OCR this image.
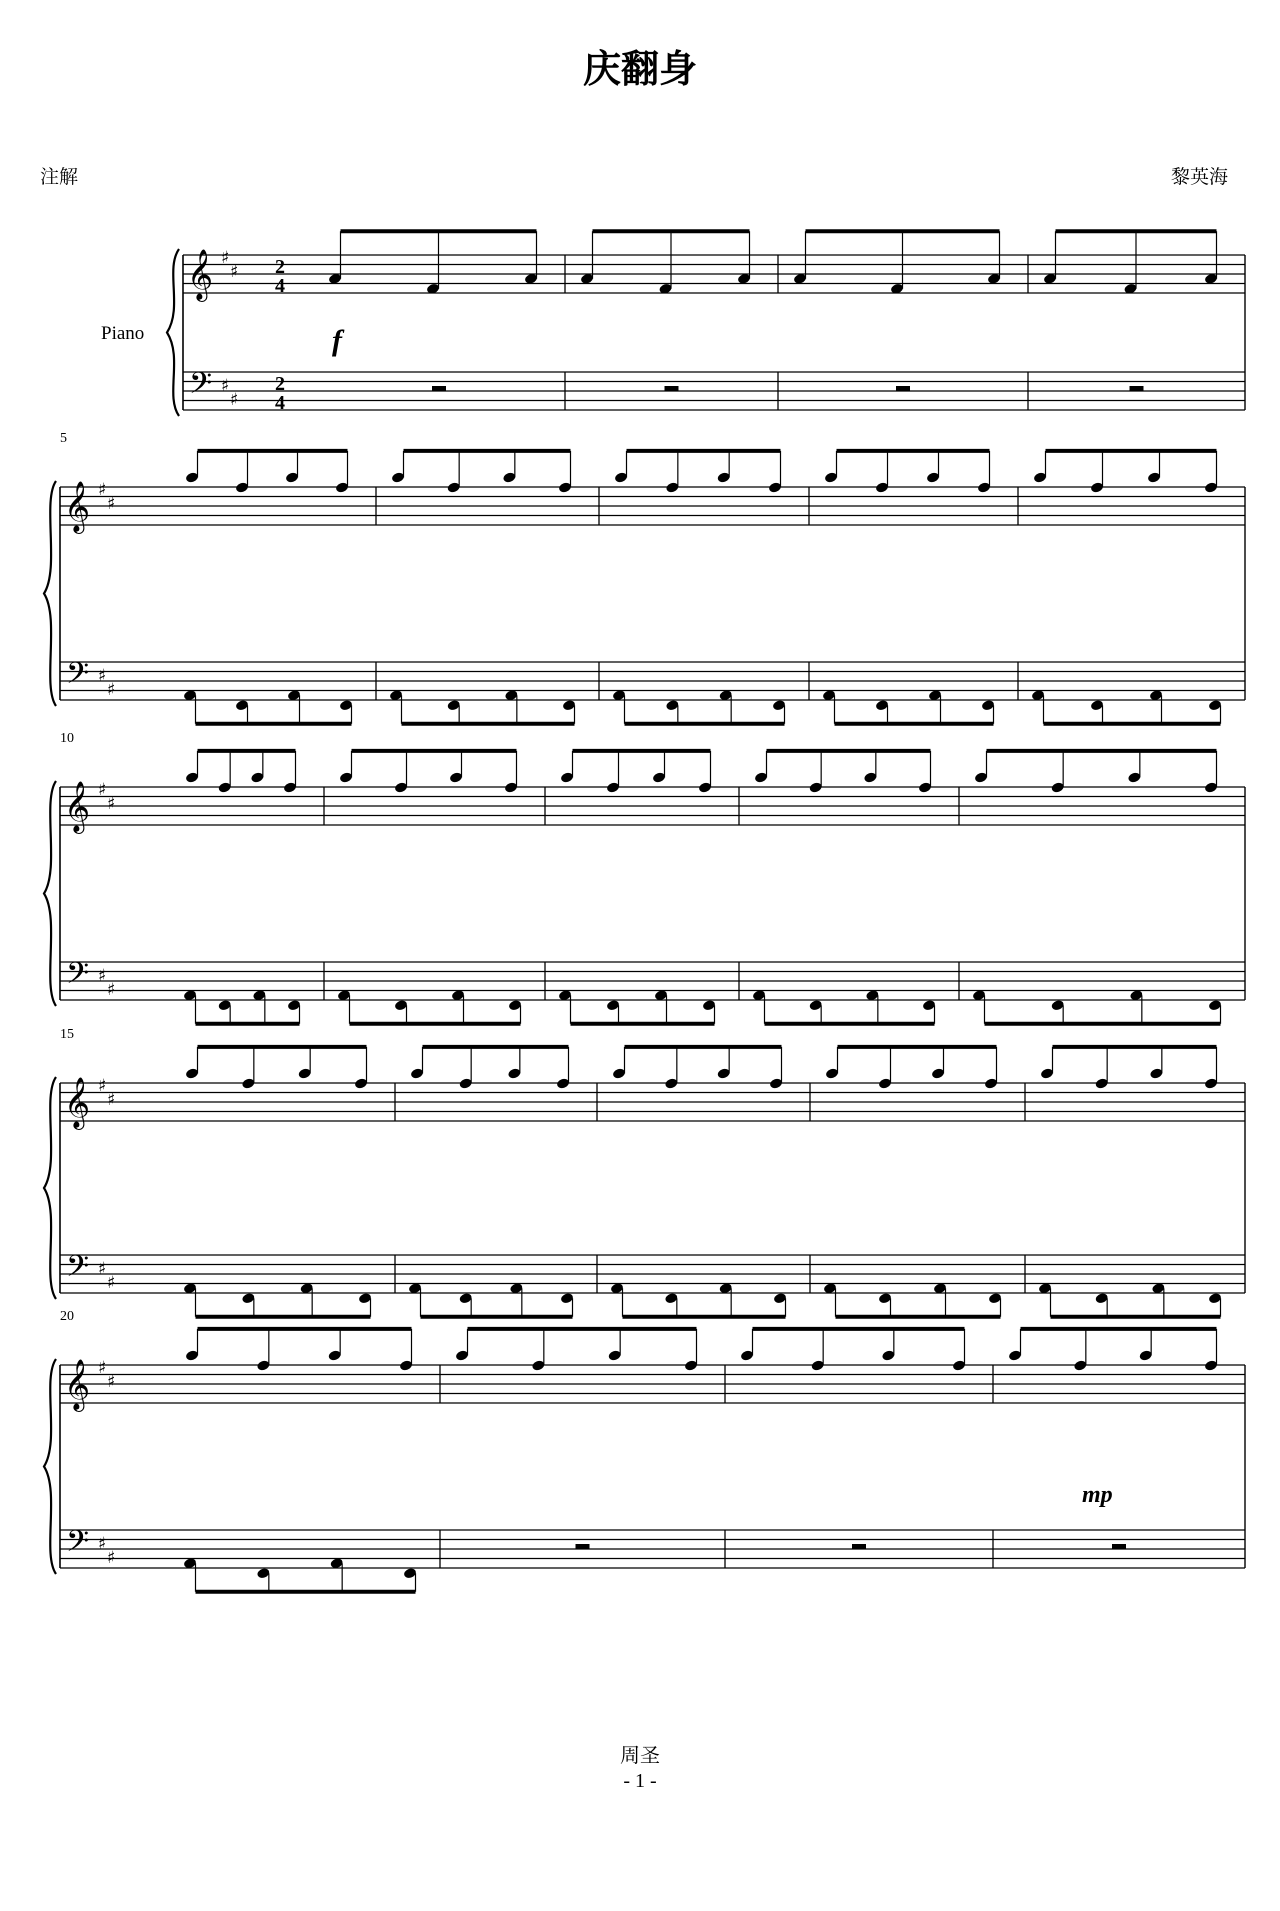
庆翻身
注解	黎英海
Piano
𝄞
𝄢
♯
♯
♯
♯
2
4
2
4
𝄞
𝄢
♯
♯
♯
♯
5
𝄞
𝄢
♯
♯
♯
♯
10
𝄞
𝄢
♯
♯
♯
♯
15
𝄞
𝄢
♯
♯
♯
♯
20
f
mp
周圣
- 1 -
